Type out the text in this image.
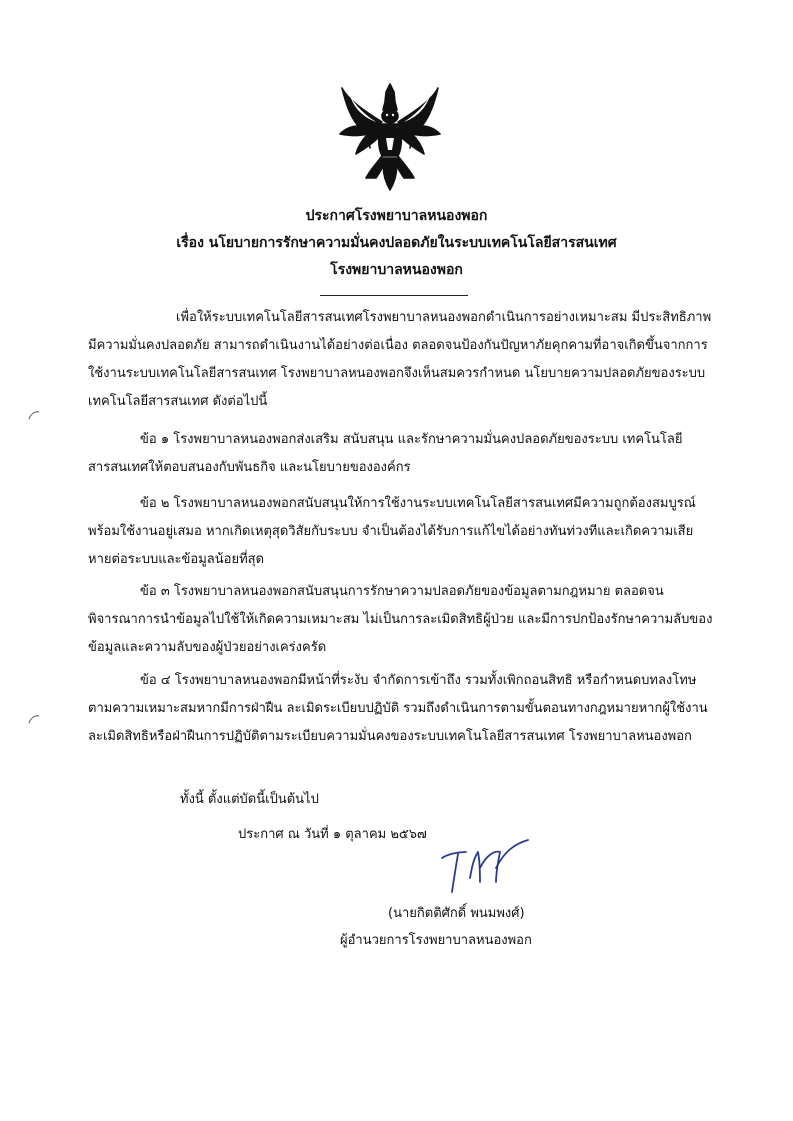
ประกาศโรงพยาบาลหนองพอก
เรื่อง นโยบายการรักษาความมั่นคงปลอดภัยในระบบเทคโนโลยีสารสนเทศ
โรงพยาบาลหนองพอก

เพื่อให้ระบบเทคโนโลยีสารสนเทศโรงพยาบาลหนองพอกดำเนินการอย่างเหมาะสม มีประสิทธิภาพ มีความมั่นคงปลอดภัย สามารถดำเนินงานได้อย่างต่อเนื่อง ตลอดจนป้องกันปัญหาภัยคุกคามที่อาจเกิดขึ้นจากการใช้งานระบบเทคโนโลยีสารสนเทศ โรงพยาบาลหนองพอกจึงเห็นสมควรกำหนด นโยบายความปลอดภัยของระบบเทคโนโลยีสารสนเทศ ดังต่อไปนี้

ข้อ ๑ โรงพยาบาลหนองพอกส่งเสริม สนับสนุน และรักษาความมั่นคงปลอดภัยของระบบ เทคโนโลยีสารสนเทศให้ตอบสนองกับพันธกิจ และนโยบายขององค์กร

ข้อ ๒ โรงพยาบาลหนองพอกสนับสนุนให้การใช้งานระบบเทคโนโลยีสารสนเทศมีความถูกต้องสมบูรณ์พร้อมใช้งานอยู่เสมอ หากเกิดเหตุสุดวิสัยกับระบบ จำเป็นต้องได้รับการแก้ไขได้อย่างทันท่วงทีและเกิดความเสียหายต่อระบบและข้อมูลน้อยที่สุด

ข้อ ๓ โรงพยาบาลหนองพอกสนับสนุนการรักษาความปลอดภัยของข้อมูลตามกฎหมาย ตลอดจนพิจารณาการนำข้อมูลไปใช้ให้เกิดความเหมาะสม ไม่เป็นการละเมิดสิทธิผู้ป่วย และมีการปกป้องรักษาความลับของข้อมูลและความลับของผู้ป่วยอย่างเคร่งครัด

ข้อ ๔ โรงพยาบาลหนองพอกมีหน้าที่ระงับ จำกัดการเข้าถึง รวมทั้งเพิกถอนสิทธิ หรือกำหนดบทลงโทษตามความเหมาะสมหากมีการฝ่าฝืน ละเมิดระเบียบปฏิบัติ รวมถึงดำเนินการตามขั้นตอนทางกฎหมายหากผู้ใช้งานละเมิดสิทธิหรือฝ่าฝืนการปฏิบัติตามระเบียบความมั่นคงของระบบเทคโนโลยีสารสนเทศ โรงพยาบาลหนองพอก

ทั้งนี้ ตั้งแต่บัดนี้เป็นต้นไป
ประกาศ ณ วันที่ ๑ ตุลาคม ๒๕๖๗
(นายกิตติศักดิ์ พนมพงศ์)
ผู้อำนวยการโรงพยาบาลหนองพอก
